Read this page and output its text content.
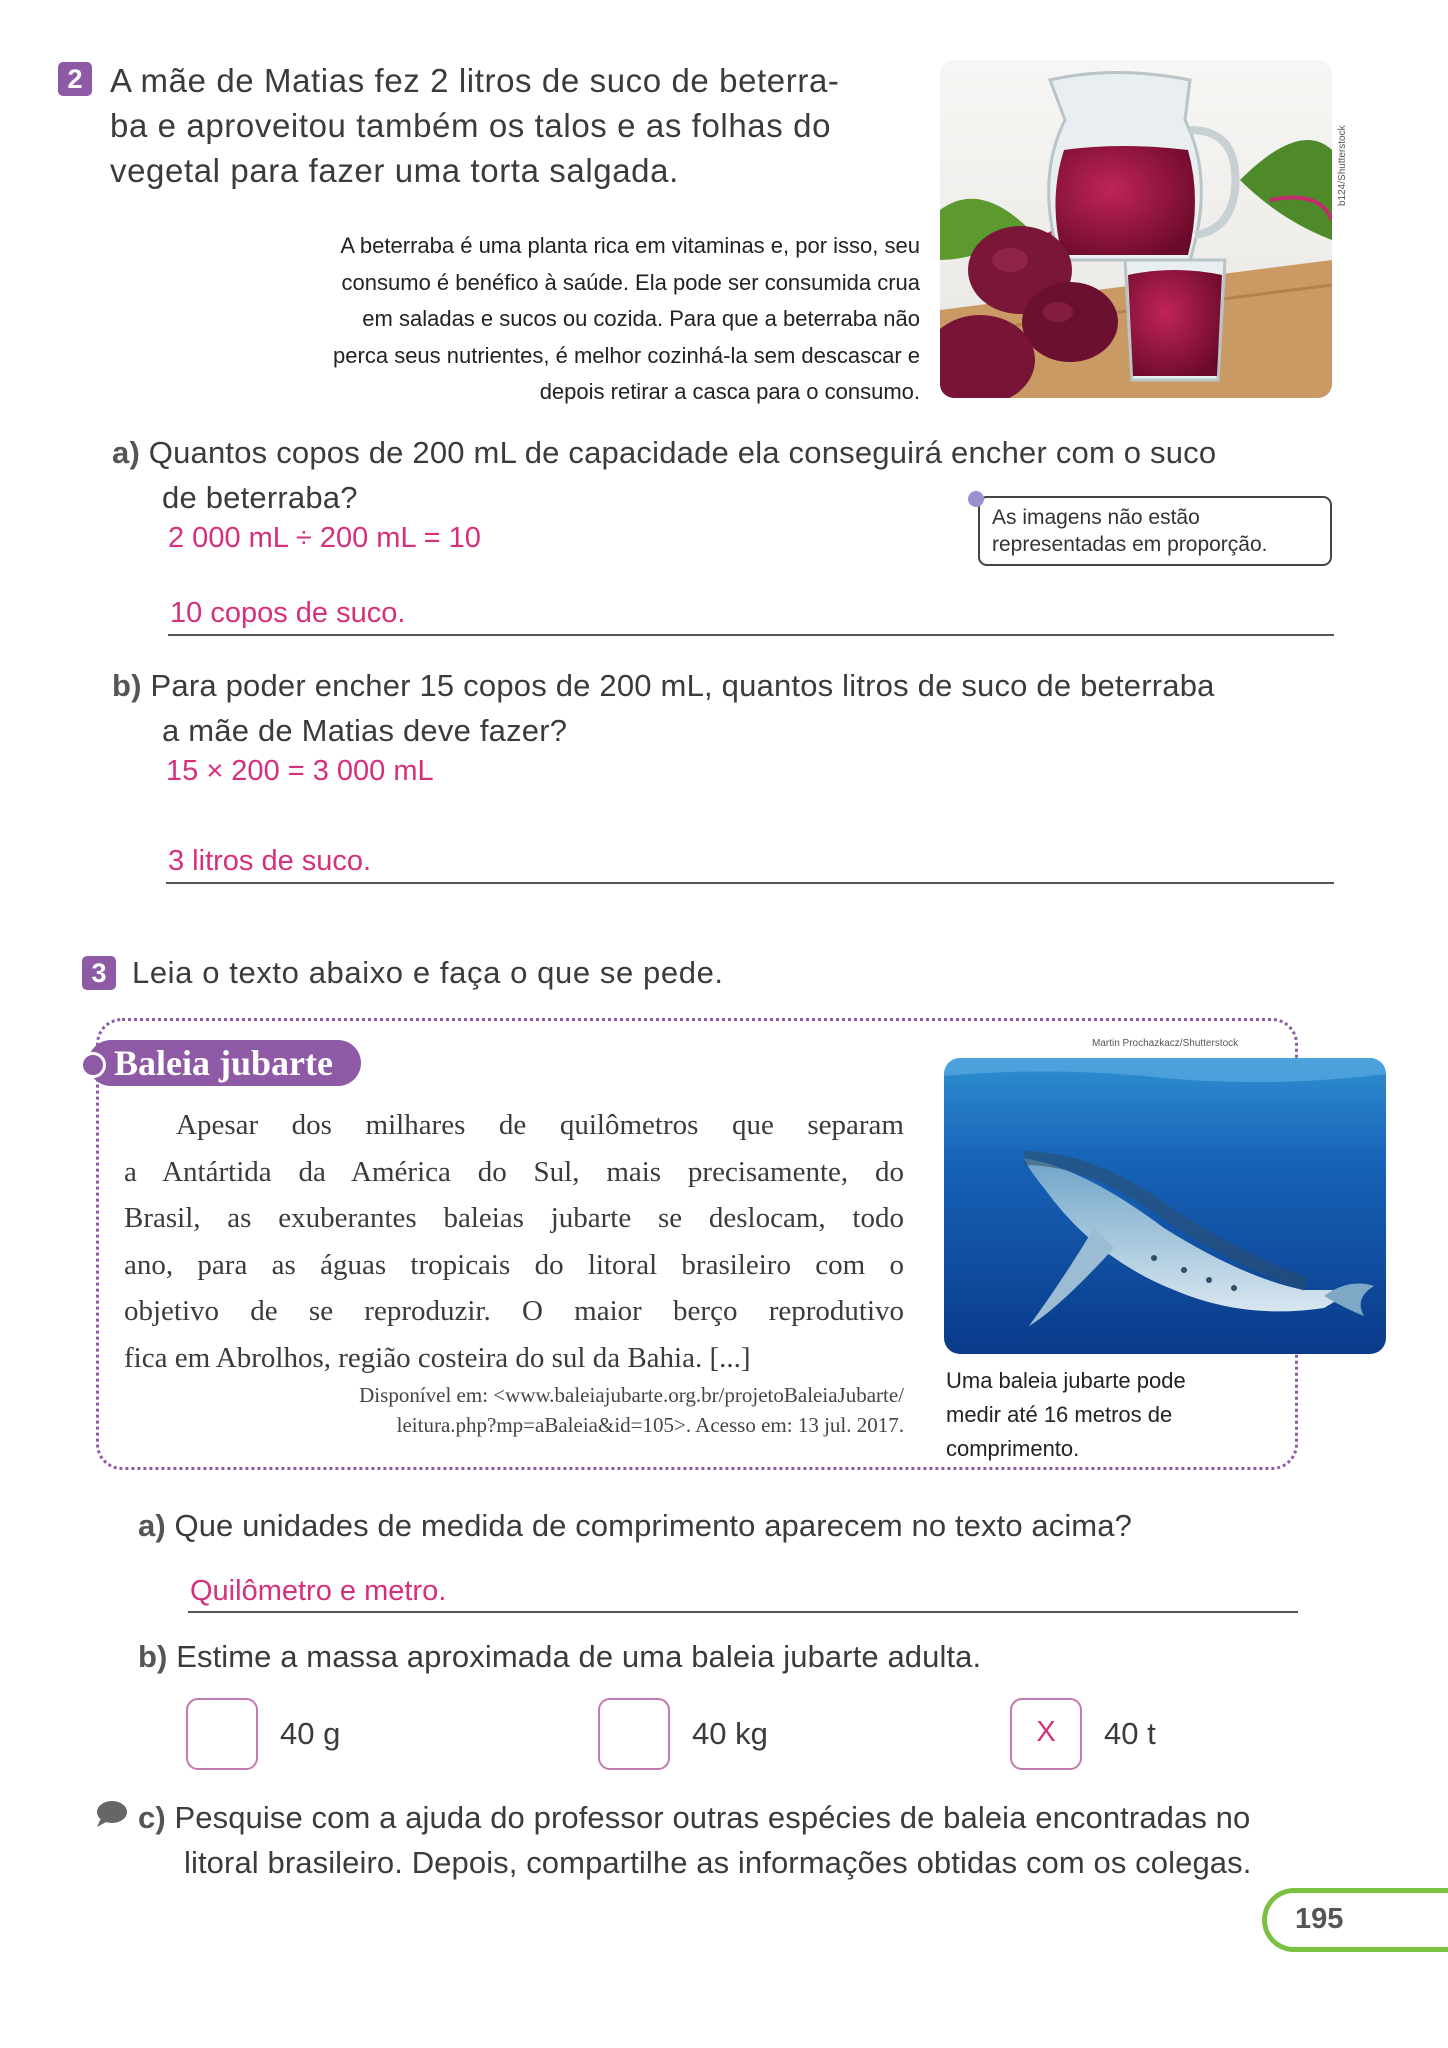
2 A mãe de Matias fez 2 litros de suco de beterra-
ba e aproveitou também os talos e as folhas do
vegetal para fazer uma torta salgada.
A beterraba é uma planta rica em vitaminas e, por isso, seu
consumo é benéfico à saúde. Ela pode ser consumida crua
em saladas e sucos ou cozida. Para que a beterraba não
perca seus nutrientes, é melhor cozinhá-la sem descascar e
depois retirar a casca para o consumo.
b124/Shutterstock
a) Quantos copos de 200 mL de capacidade ela conseguirá encher com o suco
de beterraba?
As imagens não estão
representadas em proporção.
2 000 mL ÷ 200 mL = 10
10 copos de suco.
b) Para poder encher 15 copos de 200 mL, quantos litros de suco de beterraba
a mãe de Matias deve fazer?
15 × 200 = 3 000 mL
3 litros de suco.
3 Leia o texto abaixo e faça o que se pede.
Baleia jubarte
Apesar dos milhares de quilômetros que separam
a Antártida da América do Sul, mais precisamente, do
Brasil, as exuberantes baleias jubarte se deslocam, todo
ano, para as águas tropicais do litoral brasileiro com o
objetivo de se reproduzir. O maior berço reprodutivo
fica em Abrolhos, região costeira do sul da Bahia. [...]
Disponível em: <www.baleiajubarte.org.br/projetoBaleiaJubarte/
leitura.php?mp=aBaleia&id=105>. Acesso em: 13 jul. 2017.
Martin Prochazkacz/Shutterstock
Uma baleia jubarte pode
medir até 16 metros de
comprimento.
a) Que unidades de medida de comprimento aparecem no texto acima?
Quilômetro e metro.
b) Estime a massa aproximada de uma baleia jubarte adulta.
40 g	40 kg	X	40 t
c) Pesquise com a ajuda do professor outras espécies de baleia encontradas no
litoral brasileiro. Depois, compartilhe as informações obtidas com os colegas.
195
